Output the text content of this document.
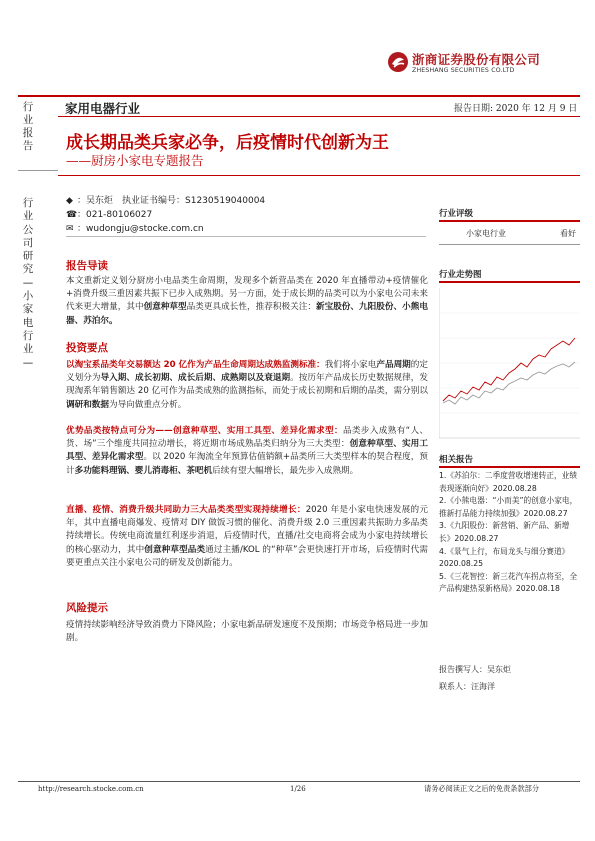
浙商证券股份有限公司
ZHESHANG SECURITIES CO.LTD
行业报告
行业公司研究—小家电行业—
家用电器行业	报告日期: 2020 年 12 月 9 日
成长期品类兵家必争，后疫情时代创新为王
——厨房小家电专题报告
◆ ：吴东炬　执业证书编号：S1230519040004
☎：021-80106027
✉ ：wudongju@stocke.com.cn
行业评级
小家电行业	看好
行业走势图
相关报告
1.《苏泊尔：二季度营收增速转正，业绩表现逐渐向好》2020.08.28
2.《小熊电器：“小而美”的创意小家电，推新打品能力持续加强》2020.08.27
3.《九阳股份：新营销、新产品、新增长》2020.08.27
4.《景气上行，布局龙头与细分赛道》2020.08.25
5.《三花智控：新三花汽车拐点将至，全产品构建热泵新格局》2020.08.18
报告撰写人：吴东炬
联系人：汪海洋
报告导读
本文重新定义划分厨房小电品类生命周期，发现多个新营品类在 2020 年直播带动+疫情催化+消费升级三重因素共振下已步入成熟期。另一方面，处于成长期的品类可以为小家电公司未来代来更大增量，其中创意种草型品类更具成长性，推荐积极关注：新宝股份、九阳股份、小熊电器、苏泊尔。
投资要点
以淘宝系品类年交易额达 20 亿作为产品生命周期达成熟监测标准：我们将小家电产品周期的定义划分为导入期、成长初期、成长后期、成熟期以及衰退期。按历年产品成长历史数据规律，发现淘系年销售额达 20 亿可作为品类成熟的监测指标，而处于成长初期和后期的品类，需分别以调研和数据为导向做重点分析。
优势品类按特点可分为——创意种草型、实用工具型、差异化需求型：品类步入成熟有“人、货、场”三个维度共同拉动增长，将近期市场成熟品类归纳分为三大类型：创意种草型、实用工具型、差异化需求型。以 2020 年淘流全年预算估值销额+品类所三大类型样本的契合程度，预计多功能料理锅、婴儿消毒柜、茶吧机后续有望大幅增长，最先步入成熟期。
直播、疫情、消费升级共同助力三大品类类型实现持续增长：2020 年是小家电快速发展的元年，其中直播电商爆发、疫情对 DIY 做饭习惯的催化、消费升级 2.0 三重因素共振助力多品类持续增长。传统电商流量红利逐步消退，后疫情时代，直播/社交电商将会成为小家电持续增长的核心驱动力，其中创意种草型品类通过主播/KOL 的“种草”会更快速打开市场，后疫情时代需要更重点关注小家电公司的研发及创新能力。
风险提示
疫情持续影响经济导致消费力下降风险；小家电新品研发速度不及预期；市场竞争格局进一步加剧。
http://research.stocke.com.cn	1/26	请务必阅读正文之后的免责条款部分
